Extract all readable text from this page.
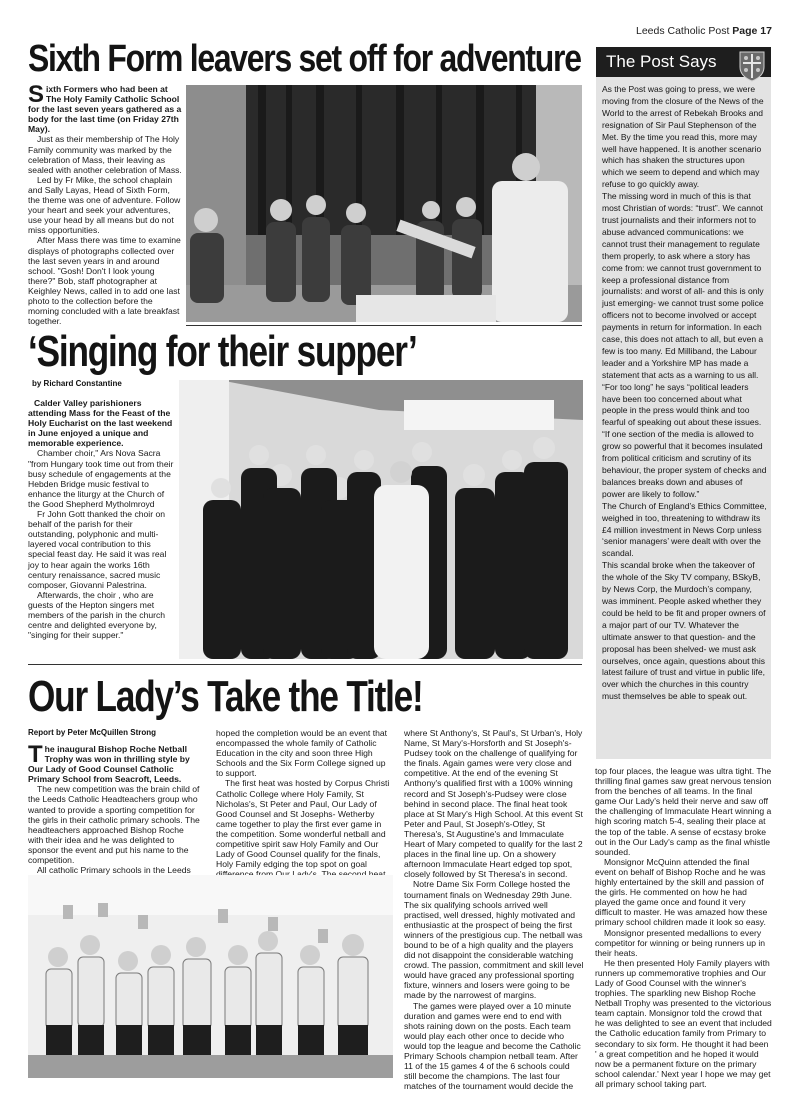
Leeds Catholic Post Page 17
Sixth Form leavers set off for adventure

Sixth Formers who had been at The Holy Family Catholic School for the last seven years gathered as a body for the last time (on Friday 27th May).

Just as their membership of The Holy Family community was marked by the celebration of Mass, their leaving as sealed with another celebration of Mass.

Led by Fr Mike, the school chaplain and Sally Layas, Head of Sixth Form, the theme was one of adventure. Follow your heart and seek your adventures, use your head by all means but do not miss opportunities.

After Mass there was time to examine displays of photographs collected over the last seven years in and around school. "Gosh! Don't I look young there?" Bob, staff photographer at Keighley News, called in to add one last photo to the collection before the morning concluded with a late breakfast together.

‘Singing for their supper’
by Richard Constantine

Calder Valley parishioners attending Mass for the Feast of the Holy Eucharist on the last weekend in June enjoyed a unique and memorable experience.

Chamber choir," Ars Nova Sacra "from Hungary took time out from their busy schedule of engagements at the Hebden Bridge music festival to enhance the liturgy at the Church of the Good Shepherd Mytholmroyd

Fr John Gott thanked the choir on behalf of the parish for their outstanding, polyphonic and multi-layered vocal contribution to this special feast day. He said it was real joy to hear again the works 16th century renaissance, sacred music composer, Giovanni Palestrina.

Afterwards, the choir , who are guests of the Hepton singers met members of the parish in the church centre and delighted everyone by, "singing for their supper."

Our Lady’s Take the Title!
Report by Peter McQuillen Strong

The inaugural Bishop Roche Netball Trophy was won in thrilling style by Our Lady of Good Counsel Catholic Primary School from Seacroft, Leeds.

The new competition was the brain child of the Leeds Catholic Headteachers group who wanted to provide a sporting competition for the girls in their catholic primary schools. The headteachers approached Bishop Roche with their idea and he was delighted to sponsor the event and put his name to the competition.

All catholic Primary schools in the Leeds

hoped the completion would be an event that encompassed the whole family of Catholic Education in the city and soon three High Schools and the Six Form College signed up to support.

The first heat was hosted by Corpus Christi Catholic College where Holy Family, St Nicholas's, St Peter and Paul, Our Lady of Good Counsel and St Josephs- Wetherby came together to play the first ever game in the competition. Some wonderful netball and competitive spirit saw Holy Family and Our Lady of Good Counsel qualify for the finals, Holy Family edging the top spot on goal

where St Anthony's, St Paul's, St Urban's, Holy Name, St Mary's-Horsforth and St Joseph's- Pudsey took on the challenge of qualifying for the finals. Again games were very close and competitive. At the end of the evening St Anthony's qualified first with a 100% winning record and St Joseph's-Pudsey were close behind in second place. The final heat took place at St Mary's High School. At this event St Peter and Paul, St Joseph's-Otley, St Theresa's, St Augustine's and Immaculate Heart of Mary competed to qualify for the last 2 places in the final line up. On a showery afternoon Immaculate Heart edged top spot, closely followed by St Theresa's in second.

Notre Dame Six Form College hosted the tournament finals on Wednesday 29th June. The six qualifying schools arrived well practised, well dressed, highly motivated and enthusiastic at the prospect of being the first winners of the prestigious cup. The netball was bound to be of a high quality and the players did not disappoint the considerable watching crowd. The passion, commitment and skill level would have graced any professional sporting fixture, winners and losers were going to be made by the narrowest of margins.

The games were played over a 10 minute duration and games were end to end with shots raining down on the posts. Each team would play each other once to decide who would top the league and become the Catholic Primary Schools champion netball team. After 11 of the 15 games 4 of the 6 schools could still become the champions. The last four matches of the tournament would decide the

top four places, the league was ultra tight. The thrilling final games saw great nervous tension from the benches of all teams. In the final game Our Lady's held their nerve and saw off the challenging of Immaculate Heart winning a high scoring match 5-4, sealing their place at the top of the table. A sense of ecstasy broke out in the Our Lady's camp as the final whistle sounded.

Monsignor McQuinn attended the final event on behalf of Bishop Roche and he was highly entertained by the skill and passion of the girls. He commented on how he had played the game once and found it very difficult to master. He was amazed how these primary school children made it look so easy.

Monsignor presented medallions to every competitor for winning or being runners up in their heats.

He then presented Holy Family players with runners up commemorative trophies and Our Lady of Good Counsel with the winner's trophies. The sparkling new Bishop Roche Netball Trophy was presented to the victorious team captain. Monsignor told the crowd that he was delighted to see an event that included the Catholic education family from Primary to secondary to six form. He thought it had been ' a great competition and he hoped it would now be a permanent fixture on the primary school calendar.' Next year I hope we may get all primary school taking part.

The Post Says

As the Post was going to press, we were moving from the closure of the News of the World to the arrest of Rebekah Brooks and resignation of Sir Paul Stephenson of the Met. By the time you read this, more may well have happened. It is another scenario which has shaken the structures upon which we seem to depend and which may refuse to go quickly away.

The missing word in much of this is that most Christian of words: “trust”. We cannot trust journalists and their informers not to abuse advanced communications: we cannot trust their management to regulate them properly, to ask where a story has come from: we cannot trust government to keep a professional distance from journalists: and worst of all- and this is only just emerging- we cannot trust some police officers not to become involved or accept payments in return for information. In each case, this does not attach to all, but even a few is too many. Ed Milliband, the Labour leader and a Yorkshire MP has made a statement that acts as a warning to us all. “For too long” he says “political leaders have been too concerned about what people in the press would think and too fearful of speaking out about these issues.

“If one section of the media is allowed to grow so powerful that it becomes insulated from political criticism and scrutiny of its behaviour, the proper system of checks and balances breaks down and abuses of power are likely to follow.”

The Church of England’s Ethics Committee, weighed in too, threatening to withdraw its £4 million investment in News Corp unless ‘senior managers’ were dealt with over the scandal.

This scandal broke when the takeover of the whole of the Sky TV company, BSkyB, by News Corp, the Murdoch’s company, was imminent. People asked whether they could be held to be fit and proper owners of a major part of our TV. Whatever the ultimate answer to that question- and the proposal has been shelved- we must ask ourselves, once again, questions about this latest failure of trust and virtue in public life, over which the churches in this country must themselves be able to speak out.
